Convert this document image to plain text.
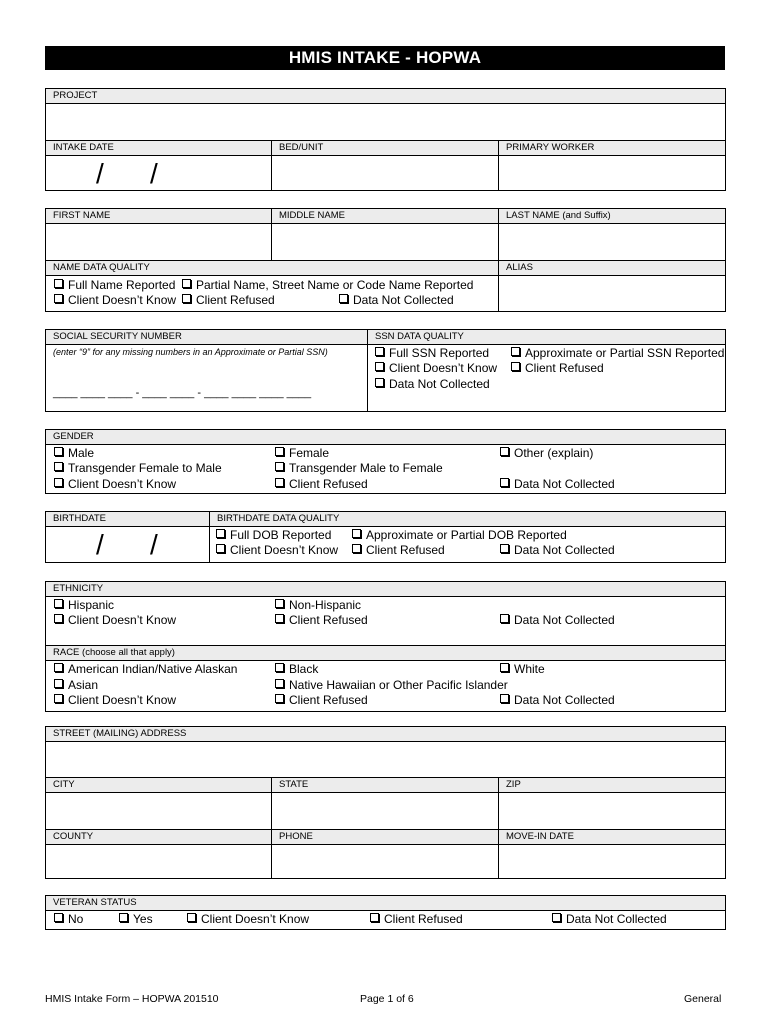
HMIS INTAKE - HOPWA
PROJECT
INTAKE DATE	BED/UNIT	PRIMARY WORKER
/ /
FIRST NAME	MIDDLE NAME	LAST NAME (and Suffix)
NAME DATA QUALITY	ALIAS
Full Name Reported	Partial Name, Street Name or Code Name Reported
Client Doesn’t Know	Client Refused	Data Not Collected
SOCIAL SECURITY NUMBER	SSN DATA QUALITY
(enter “9” for any missing numbers in an Approximate or Partial SSN)
____ ____ ____ - ____ ____ - ____ ____ ____ ____
Full SSN Reported	Approximate or Partial SSN Reported
Client Doesn’t Know	Client Refused
Data Not Collected
GENDER
Male	Female	Other (explain)
Transgender Female to Male	Transgender Male to Female
Client Doesn’t Know	Client Refused	Data Not Collected
BIRTHDATE	BIRTHDATE DATA QUALITY
/ /	Full DOB Reported	Approximate or Partial DOB Reported
Client Doesn’t Know	Client Refused	Data Not Collected
ETHNICITY
Hispanic	Non-Hispanic
Client Doesn’t Know	Client Refused	Data Not Collected
RACE (choose all that apply)
American Indian/Native Alaskan	Black	White
Asian	Native Hawaiian or Other Pacific Islander
Client Doesn’t Know	Client Refused	Data Not Collected
STREET (MAILING) ADDRESS
CITY	STATE	ZIP
COUNTY	PHONE	MOVE-IN DATE
VETERAN STATUS
No	Yes	Client Doesn’t Know	Client Refused	Data Not Collected
HMIS Intake Form – HOPWA 201510	Page 1 of 6	General
